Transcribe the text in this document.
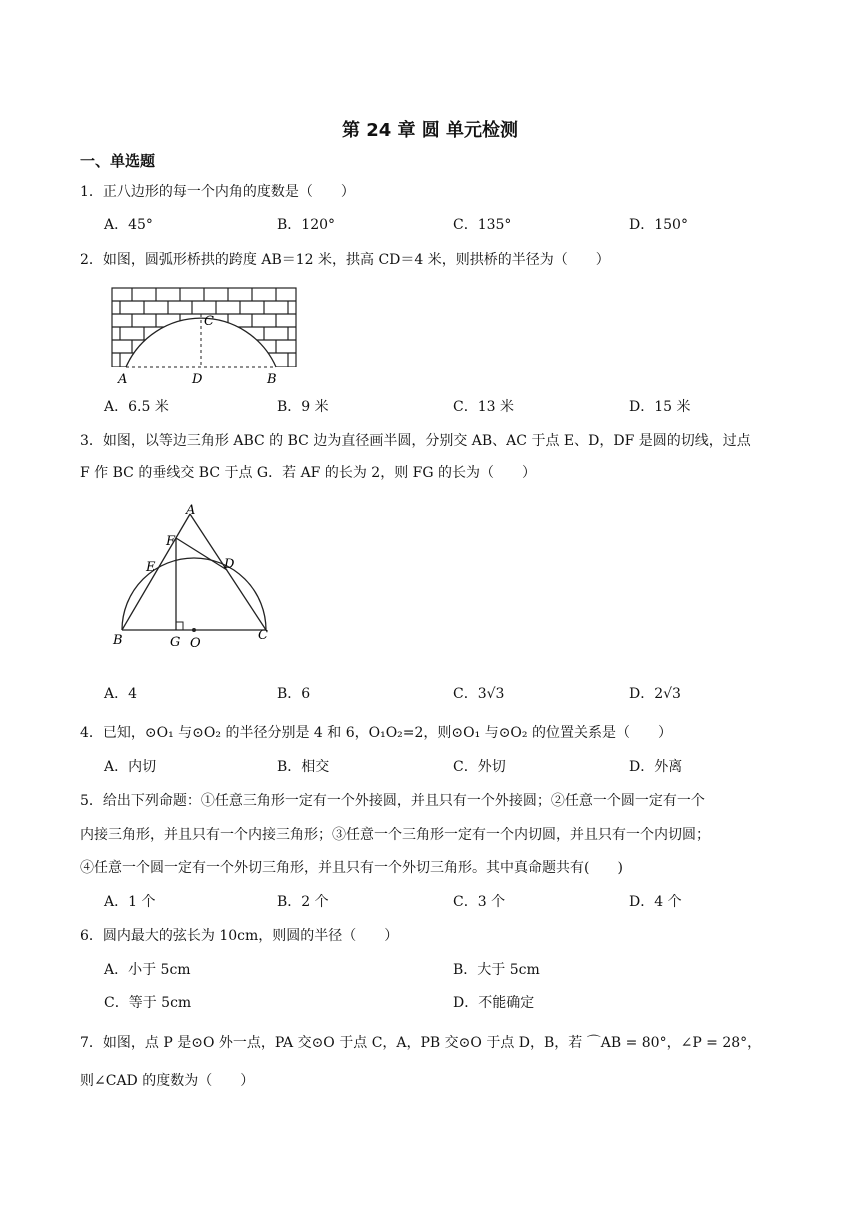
第 24 章 圆 单元检测
一、单选题
1．正八边形的每一个内角的度数是（　　）
A．45°	B．120°	C．135°	D．150°
2．如图，圆弧形桥拱的跨度 AB＝12 米，拱高 CD＝4 米，则拱桥的半径为（　　）
A	D	B
C
A．6.5 米	B．9 米	C．13 米	D．15 米
3．如图，以等边三角形 ABC 的 BC 边为直径画半圆，分别交 AB、AC 于点 E、D，DF 是圆的切线，过点
F 作 BC 的垂线交 BC 于点 G．若 AF 的长为 2，则 FG 的长为（　　）
A
F
E	D
B	G O
C
A．4	B．6	C．3√3	D．2√3
4．已知，⊙O₁ 与⊙O₂ 的半径分别是 4 和 6，O₁O₂=2，则⊙O₁ 与⊙O₂ 的位置关系是（　　）
A．内切	B．相交	C．外切	D．外离
5．给出下列命题：①任意三角形一定有一个外接圆，并且只有一个外接圆；②任意一个圆一定有一个
内接三角形，并且只有一个内接三角形；③任意一个三角形一定有一个内切圆，并且只有一个内切圆；
④任意一个圆一定有一个外切三角形，并且只有一个外切三角形。其中真命题共有(　　)
A．1 个	B．2 个	C．3 个	D．4 个
6．圆内最大的弦长为 10cm，则圆的半径（　　）
A．小于 5cm	B．大于 5cm
C．等于 5cm	D．不能确定
7．如图，点 P 是⊙O 外一点，PA 交⊙O 于点 C，A，PB 交⊙O 于点 D，B，若 ⌒AB = 80°，∠P = 28°，
则∠CAD 的度数为（　　）
